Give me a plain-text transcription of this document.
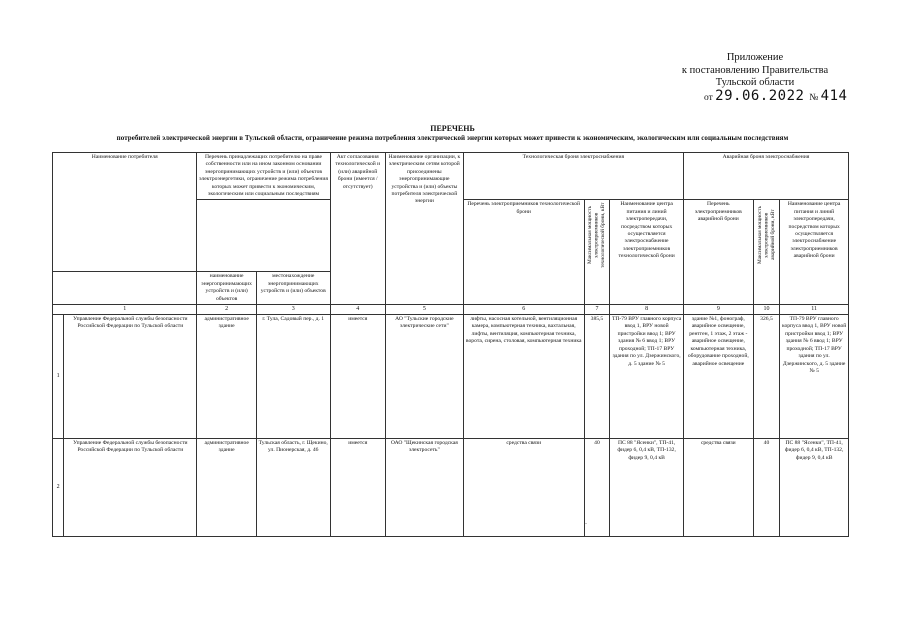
Приложение
к постановлению Правительства
Тульской области
от 29.06.2022 № 414
ПЕРЕЧЕНЬ
потребителей электрической энергии в Тульской области, ограничение режима потребления электрической энергии которых может привести к экономическим, экологическим или социальным последствиям
Наименование потребителя		Перечень принадлежащих потребителю на праве собственности или на ином законном основании энергопринимающих устройств и (или) объектов электроэнергетики, ограничение режима потребления которых может привести к экономическим, экологическим или социальным последствиям		Акт согласования технологической и (или) аварийной брони (имеется / отсутствует)	Наименование организации, к электрическим сетям которой присоединены энергопринимающие устройства и (или) объекты потребителя электрической энергии	Технологическая броня электроснабжения			Аварийная броня электроснабжения		
						Перечень электроприемников технологической брони	Максимальная мощность электроприемников технологической брони, кВт	Наименование центра питания и линий электропередачи, посредством которых осуществляется электроснабжение электроприемников технологической брони	Перечень электроприемников аварийной брони	Максимальная мощность электроприемников аварийной брони, кВт	Наименование центра питания и линий электропередачи, посредством которых осуществляется электроснабжение электроприемников аварийной брони
		наименование энергопринимающих устройств и (или) объектов	местонахождение энергопринимающих устройств и (или) объектов								
1		2	3	4	5	6	7	8	9	10	11
1	Управление Федеральной службы безопасности Российской Федерации по Тульской области	административное здание	г. Тула, Садовый пер., д. 1	имеется	АО "Тульские городские электрические сети"	лифты, насосная котельной, вентиляционная камера, компьютерная техника, вахтальная, лифты, вентиляция, компьютерная техника, ворота, сирена, столовая, компьютерная техника	385,5	ТП-79 ВРУ главного корпуса ввод 1, ВРУ новой пристройки ввод 1; ВРУ здания № 6 ввод 1; ВРУ проходной; ТП-17 ВРУ здания по ул. Дзержинского, д. 5 здание № 5	здание №1, фонограф, аварийное освещение, рентген, 1 этаж, 2 этаж - аварийное освещение, компьютерная техника, оборудование проходной, аварийное освещение	326,5	ТП-79 ВРУ главного корпуса ввод 1, ВРУ новой пристройки ввод 1; ВРУ здания № 6 ввод 1; ВРУ проходной; ТП-17 ВРУ здания по ул. Дзержинского, д. 5 здание № 5
2	Управление Федеральной службы безопасности Российской Федерации по Тульской области	административное здание	Тульская область, г. Щекино, ул. Пионерская, д. 46	имеется	ОАО "Щекинская городская электросеть"	средства связи	40	ПС 88 "Ясенки", ТП-41, фидер 6, 0,4 кВ, ТП-132, фидер 9, 0,4 кВ	средства связи	40	ПС 88 "Ясенки", ТП-41, фидер 6, 0,4 кВ, ТП-132, фидер 9, 0,4 кВ
-
